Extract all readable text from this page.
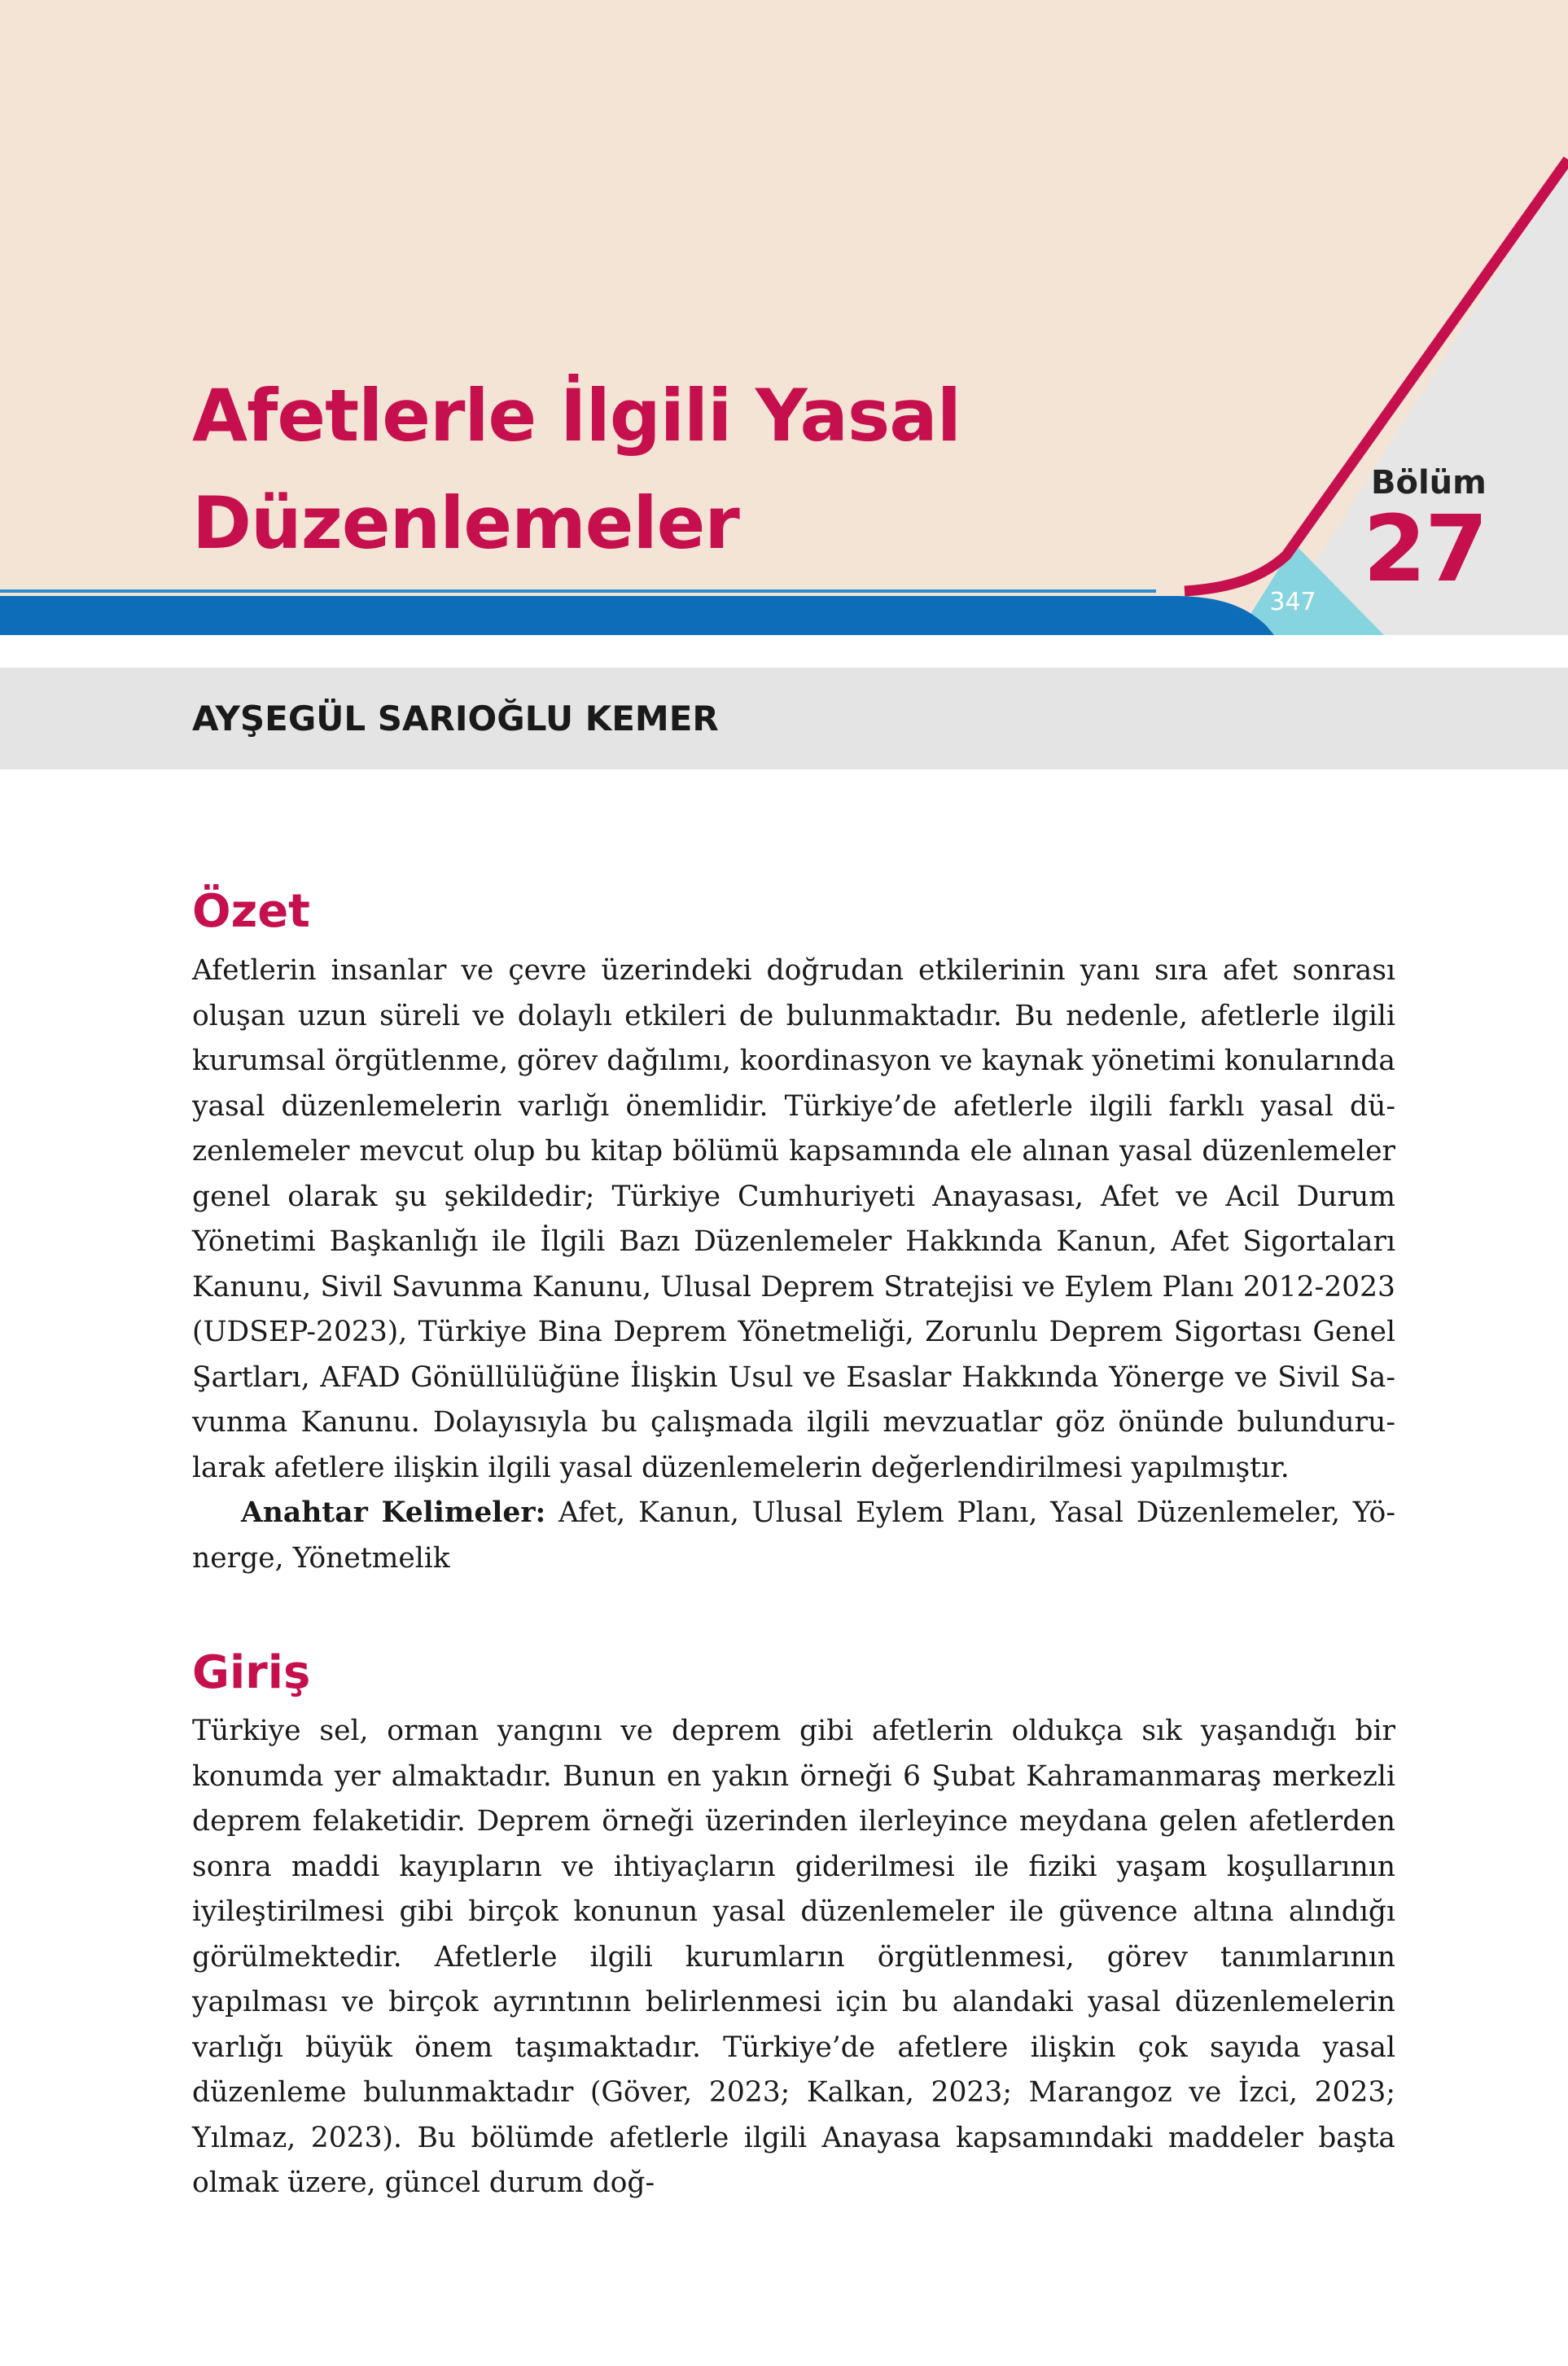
Afetlerle İlgili Yasal
Düzenlemeler	Bölüm
27
347
AYŞEGÜL SARIOĞLU KEMER
Özet

Afetlerin insanlar ve çevre üzerindeki doğrudan etkilerinin yanı sıra afet sonrası oluşan uzun süreli ve dolaylı etkileri de bulunmaktadır. Bu nedenle, afetlerle ilgili kurumsal örgütlenme, görev dağılımı, koordinasyon ve kaynak yönetimi konularında yasal düzenlemelerin varlığı önemlidir. Türkiye’de afetlerle ilgili farklı yasal düzenlemeler mevcut olup bu kitap bölümü kapsamında ele alınan yasal düzenlemeler genel olarak şu şekildedir; Türkiye Cumhuriyeti Anayasası, Afet ve Acil Durum Yönetimi Başkanlığı ile İlgili Bazı Düzenlemeler Hakkında Kanun, Afet Sigortaları Kanunu, Sivil Savunma Kanunu, Ulusal Deprem Stratejisi ve Eylem Planı 2012-2023 (UDSEP-2023), Türkiye Bina Deprem Yönetmeliği, Zorunlu Deprem Sigortası Genel Şartları, AFAD Gönüllülüğüne İlişkin Usul ve Esaslar Hakkında Yönerge ve Sivil Savunma Kanunu. Dolayısıyla bu çalışmada ilgili mevzuatlar göz önünde bulundurularak afetlere ilişkin ilgili yasal düzenlemelerin değerlendirilmesi yapılmıştır.

Anahtar Kelimeler: Afet, Kanun, Ulusal Eylem Planı, Yasal Düzenlemeler, Yönerge, Yönetmelik

Giriş

Türkiye sel, orman yangını ve deprem gibi afetlerin oldukça sık yaşandığı bir konumda yer almaktadır. Bunun en yakın örneği 6 Şubat Kahramanmaraş merkezli deprem felaketidir. Deprem örneği üzerinden ilerleyince meydana gelen afetlerden sonra maddi kayıpların ve ihtiyaçların giderilmesi ile fiziki yaşam koşullarının iyileştirilmesi gibi birçok konunun yasal düzenlemeler ile güvence altına alındığı görülmektedir. Afetlerle ilgili kurumların örgütlenmesi, görev tanımlarının yapılması ve birçok ayrıntının belirlenmesi için bu alandaki yasal düzenlemelerin varlığı büyük önem taşımaktadır. Türkiye’de afetlere ilişkin çok sayıda yasal düzenleme bulunmaktadır (Göver, 2023; Kalkan, 2023; Marangoz ve İzci, 2023; Yılmaz, 2023). Bu bölümde afetlerle ilgili Anayasa kapsamındaki maddeler başta olmak üzere, güncel durum doğ-
